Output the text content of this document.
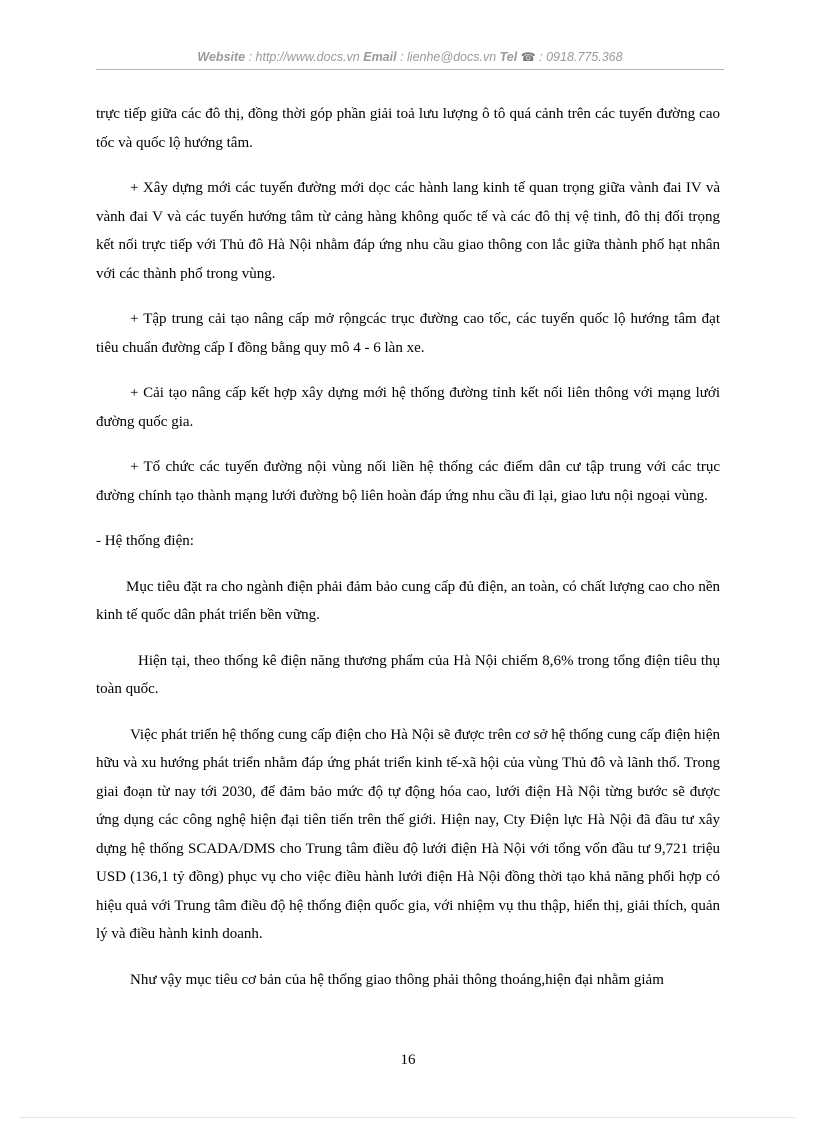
Website : http://www.docs.vn Email : lienhe@docs.vn Tel ☎ : 0918.775.368

trực tiếp giữa các đô thị, đồng thời góp phần giải toả lưu lượng ô tô quá cảnh trên các tuyến đường cao tốc và quốc lộ hướng tâm.

+ Xây dựng mới các tuyến đường mới dọc các hành lang kinh tế quan trọng giữa vành đai IV và vành đai V và các tuyến hướng tâm từ cảng hàng không quốc tế và các đô thị vệ tinh, đô thị đối trọng kết nối trực tiếp với Thủ đô Hà Nội nhằm đáp ứng nhu cầu giao thông con lắc giữa thành phố hạt nhân với các thành phố trong vùng.

+ Tập trung cải tạo nâng cấp mở rộngcác trục đường cao tốc, các tuyến quốc lộ hướng tâm đạt tiêu chuẩn đường cấp I đồng bằng quy mô 4 - 6 làn xe.

+ Cải tạo nâng cấp kết hợp xây dựng mới hệ thống đường tỉnh kết nối liên thông với mạng lưới đường quốc gia.

+ Tổ chức các tuyến đường nội vùng nối liền hệ thống các điểm dân cư tập trung với các trục đường chính tạo thành mạng lưới đường bộ liên hoàn đáp ứng nhu cầu đi lại, giao lưu nội ngoại vùng.

- Hệ thống điện:

Mục tiêu đặt ra cho ngành điện phải đảm bảo cung cấp đủ điện, an toàn, có chất lượng cao cho nền kinh tế quốc dân phát triển bền vững.

Hiện tại, theo thống kê điện năng thương phẩm của Hà Nội chiếm 8,6% trong tổng điện tiêu thụ toàn quốc.

Việc phát triển hệ thống cung cấp điện cho Hà Nội sẽ được trên cơ sở hệ thống cung cấp điện hiện hữu và xu hướng phát triển nhằm đáp ứng phát triển kinh tế-xã hội của vùng Thủ đô và lãnh thổ. Trong giai đoạn từ nay tới 2030, để đảm bảo mức độ tự động hóa cao, lưới điện Hà Nội từng bước sẽ được ứng dụng các công nghệ hiện đại tiên tiến trên thế giới. Hiện nay, Cty Điện lực Hà Nội đã đầu tư xây dựng hệ thống SCADA/DMS cho Trung tâm điều độ lưới điện Hà Nội với tổng vốn đầu tư 9,721 triệu USD (136,1 tỷ đồng) phục vụ cho việc điều hành lưới điện Hà Nội đồng thời tạo khả năng phối hợp có hiệu quả với Trung tâm điều độ hệ thống điện quốc gia, với nhiệm vụ thu thập, hiển thị, giải thích, quản lý và điều hành kinh doanh.

Như vậy mục tiêu cơ bản của hệ thống giao thông phải thông thoáng,hiện đại nhằm giảm

16
